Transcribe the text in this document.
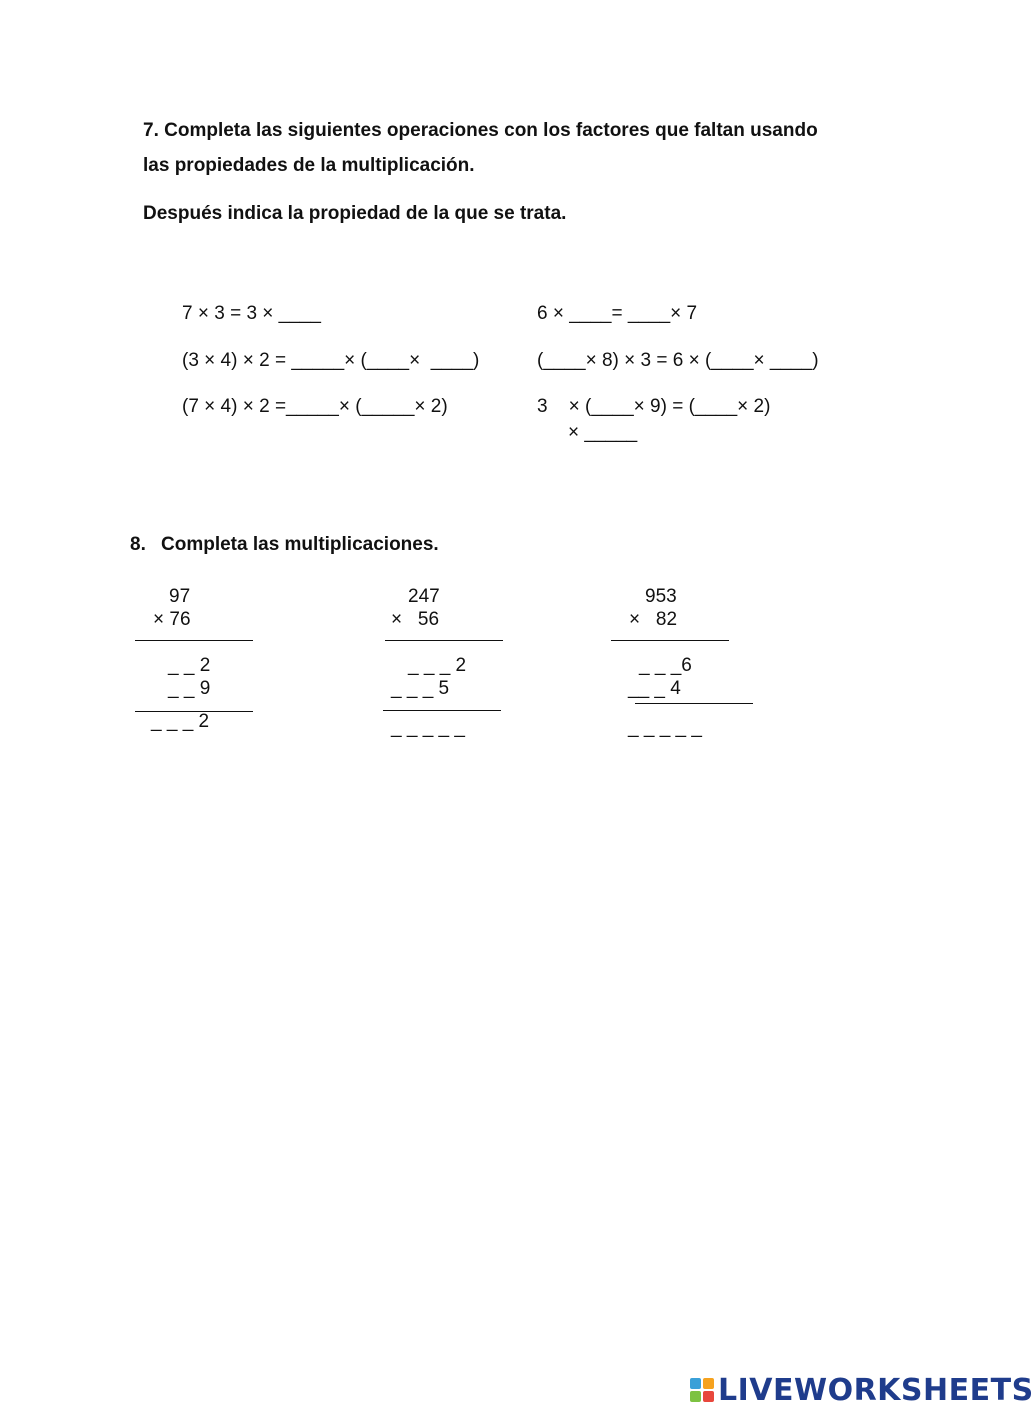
7. Completa las siguientes operaciones con los factores que faltan usando
las propiedades de la multiplicación.
Después indica la propiedad de la que se trata.
7 × 3 = 3 × ____
(3 × 4) × 2 = _____× (____×  ____)
(7 × 4) × 2 =_____× (_____× 2)
6 × ____= ____× 7
(____× 8) × 3 = 6 × (____× ____)
3    × (____× 9) = (____× 2)
× _____
8. Completa las multiplicaciones.
97
× 76
_ _ 2
_ _ 9
_ _ _ 2
247
×   56
_ _ _ 2
_ _ _ 5
_ _ _ _ _
953
×   82
_ _ _6
__ _ 4
_ _ _ _ _
LIVEWORKSHEETS
